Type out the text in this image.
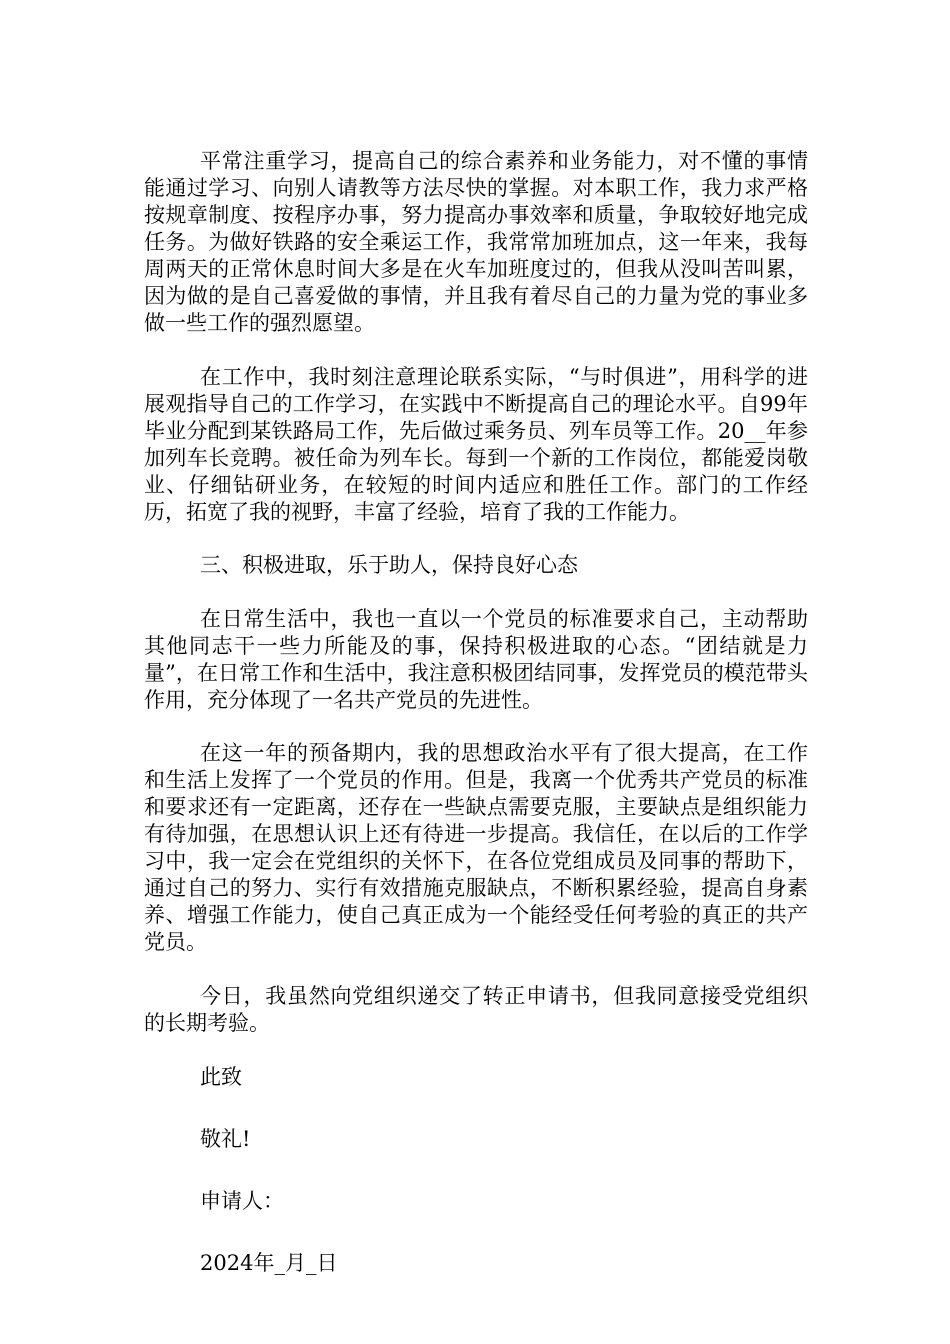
平常注重学习，提高自己的综合素养和业务能力，对不懂的事情能通过学习、向别人请教等方法尽快的掌握。对本职工作，我力求严格按规章制度、按程序办事，努力提高办事效率和质量，争取较好地完成任务。为做好铁路的安全乘运工作，我常常加班加点，这一年来，我每周两天的正常休息时间大多是在火车加班度过的，但我从没叫苦叫累，因为做的是自己喜爱做的事情，并且我有着尽自己的力量为党的事业多做一些工作的强烈愿望。

在工作中，我时刻注意理论联系实际，“与时俱进”，用科学的进展观指导自己的工作学习，在实践中不断提高自己的理论水平。自99年毕业分配到某铁路局工作，先后做过乘务员、列车员等工作。20__年参加列车长竞聘。被任命为列车长。每到一个新的工作岗位，都能爱岗敬业、仔细钻研业务，在较短的时间内适应和胜任工作。部门的工作经历，拓宽了我的视野，丰富了经验，培育了我的工作能力。

三、积极进取，乐于助人，保持良好心态

在日常生活中，我也一直以一个党员的标准要求自己，主动帮助其他同志干一些力所能及的事，保持积极进取的心态。“团结就是力量”，在日常工作和生活中，我注意积极团结同事，发挥党员的模范带头作用，充分体现了一名共产党员的先进性。

在这一年的预备期内，我的思想政治水平有了很大提高，在工作和生活上发挥了一个党员的作用。但是，我离一个优秀共产党员的标准和要求还有一定距离，还存在一些缺点需要克服，主要缺点是组织能力有待加强，在思想认识上还有待进一步提高。我信任，在以后的工作学习中，我一定会在党组织的关怀下，在各位党组成员及同事的帮助下，通过自己的努力、实行有效措施克服缺点，不断积累经验，提高自身素养、增强工作能力，使自己真正成为一个能经受任何考验的真正的共产党员。

今日，我虽然向党组织递交了转正申请书，但我同意接受党组织的长期考验。

此致

敬礼!

申请人：

2024年_月_日
